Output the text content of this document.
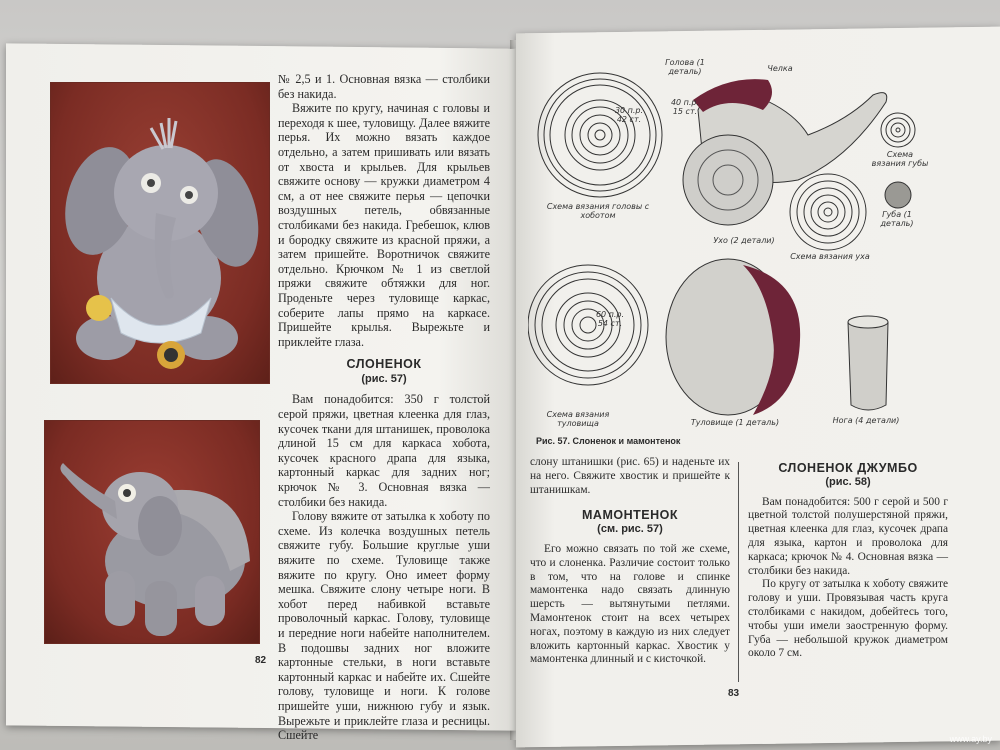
№ 2,5 и 1. Основная вязка — столбики без накида.

Вяжите по кругу, начиная с головы и переходя к шее, туловищу. Далее вяжите перья. Их можно вязать каждое отдельно, а затем пришивать или вязать от хвоста и крыльев. Для крыльев свяжите основу — кружки диаметром 4 см, а от нее свяжите перья — цепочки воздушных петель, обвязанные столбиками без накида. Гребешок, клюв и бородку свяжите из красной пряжи, а затем пришейте. Воротничок свяжите отдельно. Крючком № 1 из светлой пряжи свяжите обтяжки для ног. Проденьте через туловище каркас, соберите лапы прямо на каркасе. Пришейте крылья. Вырежьте и приклейте глаза.

СЛОНЕНОК
(рис. 57)

Вам понадобится: 350 г толстой серой пряжи, цветная клеенка для глаз, кусочек ткани для штанишек, проволока длиной 15 см для каркаса хобота, кусочек красного драпа для языка, картонный каркас для задних ног; крючок № 3. Основная вязка — столбики без накида.

Голову вяжите от затылка к хоботу по схеме. Из колечка воздушных петель свяжите губу. Большие круглые уши вяжите по схеме. Туловище также вяжите по кругу. Оно имеет форму мешка. Свяжите слону четыре ноги. В хобот перед набивкой вставьте проволочный каркас. Голову, туловище и передние ноги набейте наполнителем. В подошвы задних ног вложите картонные стельки, в ноги вставьте картонный каркас и набейте их. Сшейте голову, туловище и ноги. К голове пришейте уши, нижнюю губу и язык. Вырежьте и приклейте глаза и ресницы. Сшейте

82
Голова (1 деталь)	Челка
30 п.р. 42 ст.
40 п.р. 15 ст.
Схема вязания головы с хоботом
Ухо (2 детали)
Схема вязания уха
Схема вязания губы
Губа (1 деталь)
60 п.р. 54 ст.
Схема вязания туловища	Туловище (1 деталь)	Нога (4 детали)
Рис. 57. Слоненок и мамонтенок

слону штанишки (рис. 65) и наденьте их на него. Свяжите хвостик и пришейте к штанишкам.

МАМОНТЕНОК
(см. рис. 57)

Его можно связать по той же схеме, что и слоненка. Различие состоит только в том, что на голове и спинке мамонтенка надо связать длинную шерсть — вытянутыми петлями. Мамонтенок стоит на всех четырех ногах, поэтому в каждую из них следует вложить картонный каркас. Хвостик у мамонтенка длинный и с кисточкой.

СЛОНЕНОК ДЖУМБО
(рис. 58)

Вам понадобится: 500 г серой и 500 г цветной толстой полушерстяной пряжи, цветная клеенка для глаз, кусочек драпа для языка, картон и проволока для каркаса; крючок № 4. Основная вязка — столбики без накида.

По кругу от затылка к хоботу свяжите голову и уши. Провязывая часть круга столбиками с накидом, добейтесь того, чтобы уши имели заостренную форму. Губа — небольшой кружок диаметром около 7 см.

83
www.ay.by
